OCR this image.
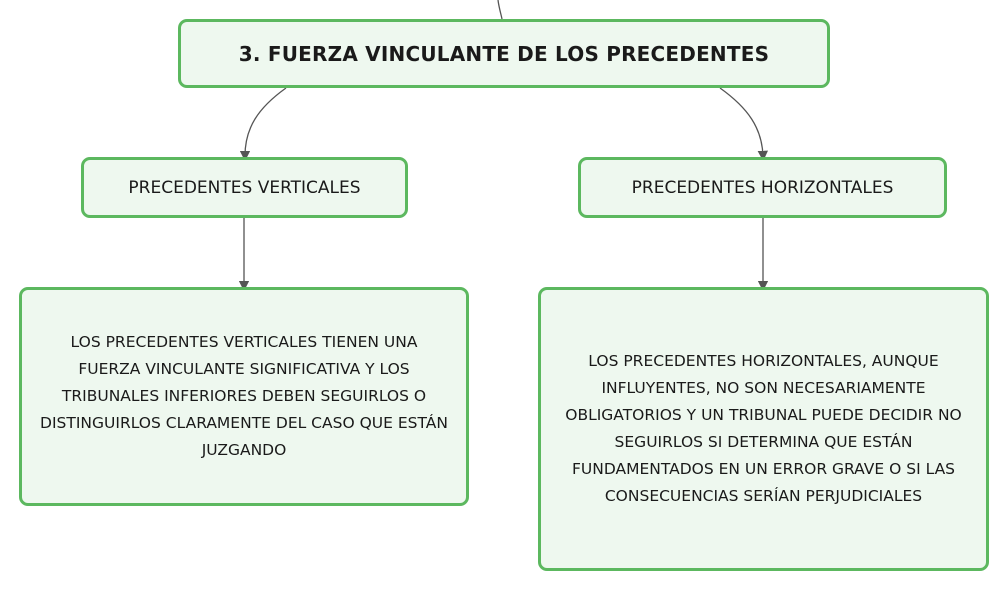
3. FUERZA VINCULANTE DE LOS PRECEDENTES
PRECEDENTES VERTICALES	PRECEDENTES HORIZONTALES
LOS PRECEDENTES VERTICALES TIENEN UNA FUERZA VINCULANTE SIGNIFICATIVA Y LOS TRIBUNALES INFERIORES DEBEN SEGUIRLOS O DISTINGUIRLOS CLARAMENTE DEL CASO QUE ESTÁN JUZGANDO
LOS PRECEDENTES HORIZONTALES, AUNQUE INFLUYENTES, NO SON NECESARIAMENTE OBLIGATORIOS Y UN TRIBUNAL PUEDE DECIDIR NO SEGUIRLOS SI DETERMINA QUE ESTÁN FUNDAMENTADOS EN UN ERROR GRAVE O SI LAS CONSECUENCIAS SERÍAN PERJUDICIALES
